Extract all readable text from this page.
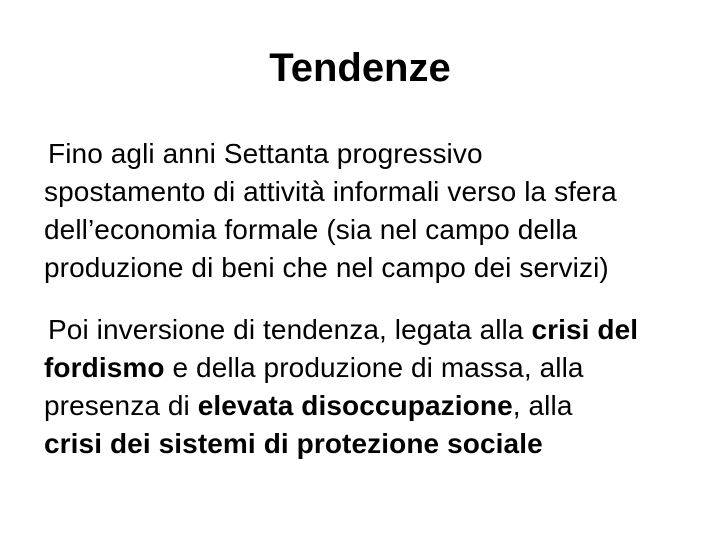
Tendenze
Fino agli anni Settanta progressivo
spostamento di attività informali verso la sfera
dell’economia formale (sia nel campo della
produzione di beni che nel campo dei servizi)
Poi inversione di tendenza, legata alla crisi del
fordismo e della produzione di massa, alla
presenza di elevata disoccupazione, alla
crisi dei sistemi di protezione sociale
